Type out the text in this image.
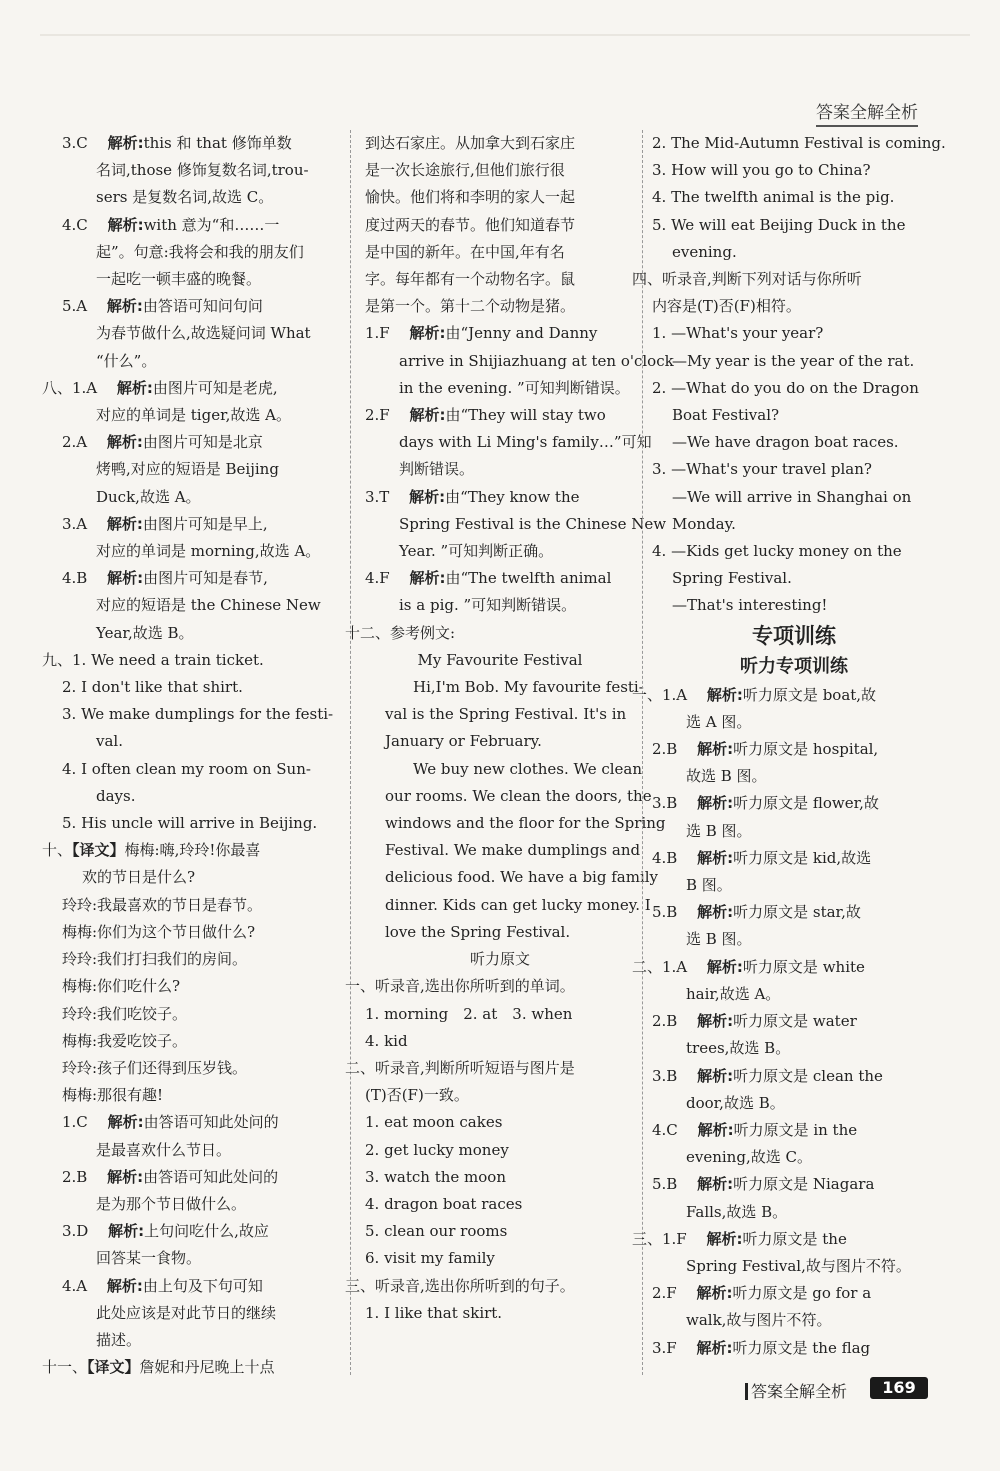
答案全解全析
3.C 　解析:this 和 that 修饰单数
名词,those 修饰复数名词,trou-
sers 是复数名词,故选 C。
4.C 　解析:with 意为“和……一
起”。句意:我将会和我的朋友们
一起吃一顿丰盛的晚餐。
5.A 　解析:由答语可知问句问
为春节做什么,故选疑问词 What
“什么”。
八、1.A 　解析:由图片可知是老虎,
对应的单词是 tiger,故选 A。
2.A 　解析:由图片可知是北京
烤鸭,对应的短语是 Beijing
Duck,故选 A。
3.A 　解析:由图片可知是早上,
对应的单词是 morning,故选 A。
4.B 　解析:由图片可知是春节,
对应的短语是 the Chinese New
Year,故选 B。
九、1. We need a train ticket.
2. I don't like that shirt.
3. We make dumplings for the festi-
val.
4. I often clean my room on Sun-
days.
5. His uncle will arrive in Beijing.
十、【译文】梅梅:嗨,玲玲!你最喜
欢的节日是什么?
玲玲:我最喜欢的节日是春节。
梅梅:你们为这个节日做什么?
玲玲:我们打扫我们的房间。
梅梅:你们吃什么?
玲玲:我们吃饺子。
梅梅:我爱吃饺子。
玲玲:孩子们还得到压岁钱。
梅梅:那很有趣!
1.C 　解析:由答语可知此处问的
是最喜欢什么节日。
2.B 　解析:由答语可知此处问的
是为那个节日做什么。
3.D 　解析:上句问吃什么,故应
回答某一食物。
4.A 　解析:由上句及下句可知
此处应该是对此节日的继续
描述。
十一、【译文】詹妮和丹尼晚上十点
到达石家庄。从加拿大到石家庄
是一次长途旅行,但他们旅行很
愉快。他们将和李明的家人一起
度过两天的春节。他们知道春节
是中国的新年。在中国,年有名
字。每年都有一个动物名字。鼠
是第一个。第十二个动物是猪。
1.F 　解析:由“Jenny and Danny
arrive in Shijiazhuang at ten o'clock
in the evening. ”可知判断错误。
2.F 　解析:由“They will stay two
days with Li Ming's family…”可知
判断错误。
3.T 　解析:由“They know the
Spring Festival is the Chinese New
Year. ”可知判断正确。
4.F 　解析:由“The twelfth animal
is a pig. ”可知判断错误。
十二、参考例文:
My Favourite Festival
Hi,I'm Bob. My favourite festi-
val is the Spring Festival. It's in
January or February.
We buy new clothes. We clean
our rooms. We clean the doors, the
windows and the floor for the Spring
Festival. We make dumplings and
delicious food. We have a big family
dinner. Kids can get lucky money. I
love the Spring Festival.
听力原文
一、听录音,选出你所听到的单词。
1. morning　2. at　3. when
4. kid
二、听录音,判断所听短语与图片是
(T)否(F)一致。
1. eat moon cakes
2. get lucky money
3. watch the moon
4. dragon boat races
5. clean our rooms
6. visit my family
三、听录音,选出你所听到的句子。
1. I like that skirt.
2. The Mid-Autumn Festival is coming.
3. How will you go to China?
4. The twelfth animal is the pig.
5. We will eat Beijing Duck in the
evening.
四、听录音,判断下列对话与你所听
内容是(T)否(F)相符。
1. —What's your year?
—My year is the year of the rat.
2. —What do you do on the Dragon
Boat Festival?
—We have dragon boat races.
3. —What's your travel plan?
—We will arrive in Shanghai on
Monday.
4. —Kids get lucky money on the
Spring Festival.
—That's interesting!
专项训练
听力专项训练
一、1.A 　解析:听力原文是 boat,故
选 A 图。
2.B 　解析:听力原文是 hospital,
故选 B 图。
3.B 　解析:听力原文是 flower,故
选 B 图。
4.B 　解析:听力原文是 kid,故选
B 图。
5.B 　解析:听力原文是 star,故
选 B 图。
二、1.A 　解析:听力原文是 white
hair,故选 A。
2.B 　解析:听力原文是 water
trees,故选 B。
3.B 　解析:听力原文是 clean the
door,故选 B。
4.C 　解析:听力原文是 in the
evening,故选 C。
5.B 　解析:听力原文是 Niagara
Falls,故选 B。
三、1.F 　解析:听力原文是 the
Spring Festival,故与图片不符。
2.F 　解析:听力原文是 go for a
walk,故与图片不符。
3.F 　解析:听力原文是 the flag
答案全解全析	169
